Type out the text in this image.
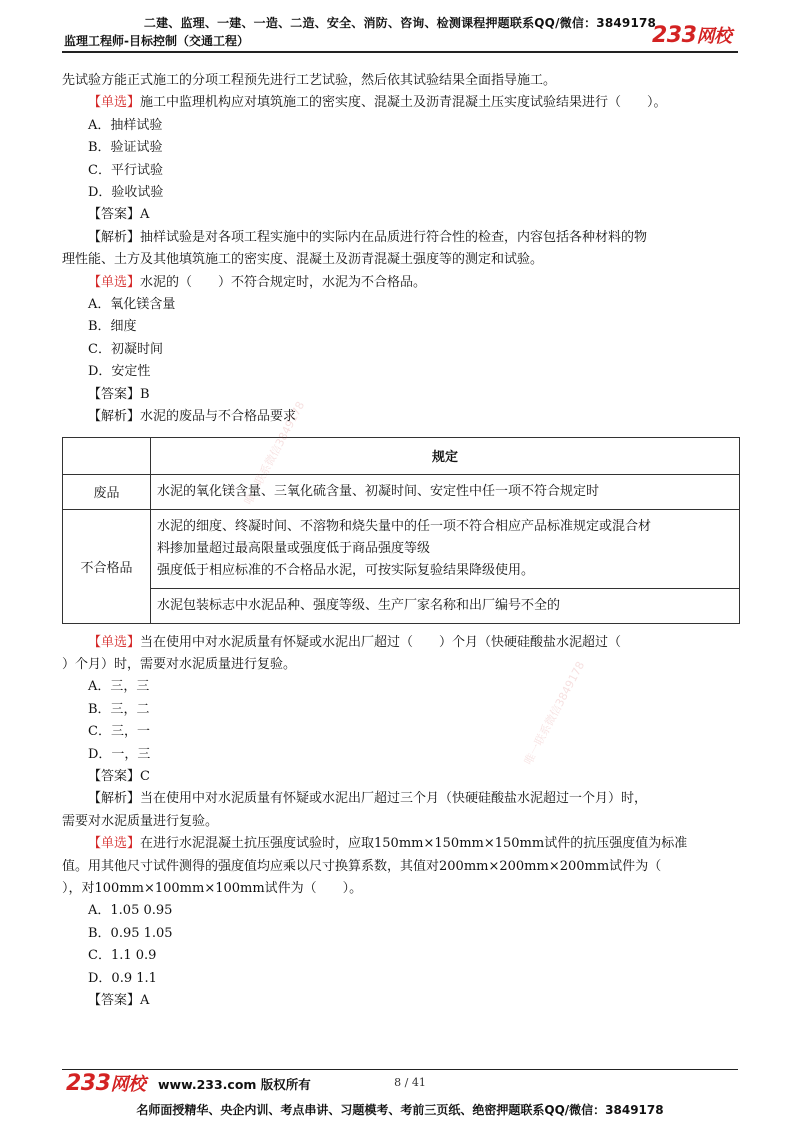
二建、监理、一建、一造、二造、安全、消防、咨询、检测课程押题联系QQ/微信：3849178
监理工程师-目标控制（交通工程）	233网校
先试验方能正式施工的分项工程预先进行工艺试验，然后依其试验结果全面指导施工。
【单选】施工中监理机构应对填筑施工的密实度、混凝土及沥青混凝土压实度试验结果进行（　　）。
A．抽样试验
B．验证试验
C．平行试验
D．验收试验
【答案】A
【解析】抽样试验是对各项工程实施中的实际内在品质进行符合性的检查，内容包括各种材料的物
理性能、土方及其他填筑施工的密实度、混凝土及沥青混凝土强度等的测定和试验。
【单选】水泥的（　　）不符合规定时，水泥为不合格品。
A．氧化镁含量
B．细度
C．初凝时间
D．安定性
【答案】B
【解析】水泥的废品与不合格品要求
	规定
废品	水泥的氧化镁含量、三氧化硫含量、初凝时间、安定性中任一项不符合规定时
不合格品	水泥的细度、终凝时间、不溶物和烧失量中的任一项不符合相应产品标准规定或混合材
料掺加量超过最高限量或强度低于商品强度等级
强度低于相应标准的不合格品水泥，可按实际复验结果降级使用。

	水泥包装标志中水泥品种、强度等级、生产厂家名称和出厂编号不全的
【单选】当在使用中对水泥质量有怀疑或水泥出厂超过（　　）个月（快硬硅酸盐水泥超过（
）个月）时，需要对水泥质量进行复验。
A．三，三
B．三，二
C．三，一
D．一，三
【答案】C
【解析】当在使用中对水泥质量有怀疑或水泥出厂超过三个月（快硬硅酸盐水泥超过一个月）时，
需要对水泥质量进行复验。
【单选】在进行水泥混凝土抗压强度试验时，应取150mm×150mm×150mm试件的抗压强度值为标准
值。用其他尺寸试件测得的强度值均应乘以尺寸换算系数，其值对200mm×200mm×200mm试件为（
），对100mm×100mm×100mm试件为（　　）。
A．1.05 0.95
B．0.95 1.05
C．1.1 0.9
D．0.9 1.1
【答案】A
唯一联系微信3849178
唯一联系微信3849178
233网校 www.233.com 版权所有	8 / 41
名师面授精华、央企内训、考点串讲、习题模考、考前三页纸、绝密押题联系QQ/微信：3849178
